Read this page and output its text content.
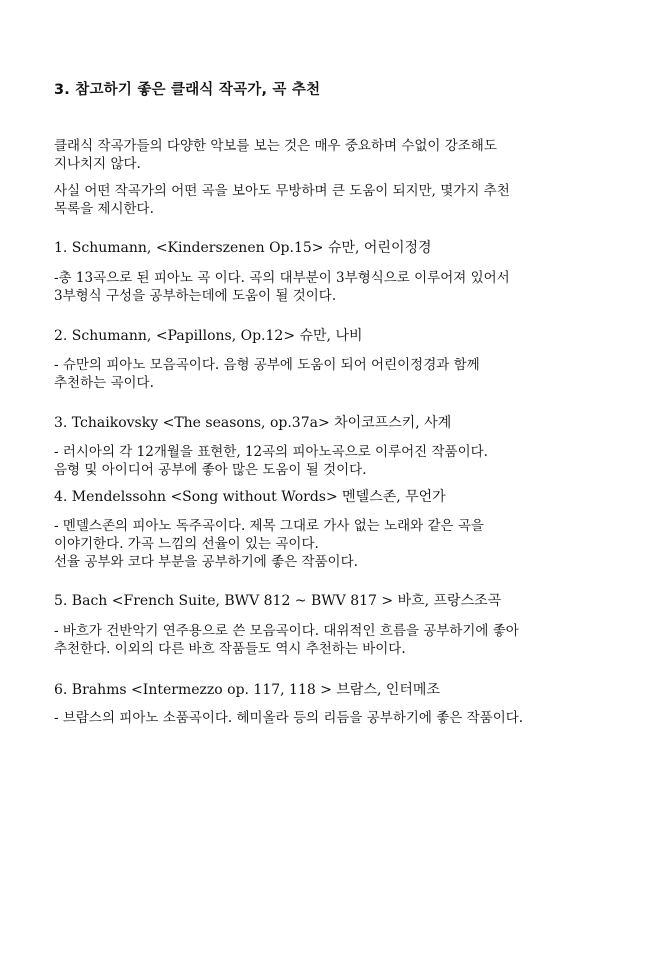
3. 참고하기 좋은 클래식 작곡가, 곡 추천
클래식 작곡가들의 다양한 악보를 보는 것은 매우 중요하며 수없이 강조해도
지나치지 않다.
사실 어떤 작곡가의 어떤 곡을 보아도 무방하며 큰 도움이 되지만, 몇가지 추천
목록을 제시한다.
1. Schumann, <Kinderszenen Op.15> 슈만, 어린이정경
-총 13곡으로 된 피아노 곡 이다. 곡의 대부분이 3부형식으로 이루어져 있어서
3부형식 구성을 공부하는데에 도움이 될 것이다.
2. Schumann, <Papillons, Op.12> 슈만, 나비
- 슈만의 피아노 모음곡이다. 음형 공부에 도움이 되어 어린이정경과 함께
추천하는 곡이다.
3. Tchaikovsky <The seasons, op.37a> 차이코프스키, 사계
- 러시아의 각 12개월을 표현한, 12곡의 피아노곡으로 이루어진 작품이다.
음형 및 아이디어 공부에 좋아 많은 도움이 될 것이다.
4. Mendelssohn <Song without Words> 멘델스존, 무언가
- 멘델스존의 피아노 독주곡이다. 제목 그대로 가사 없는 노래와 같은 곡을
이야기한다. 가곡 느낌의 선율이 있는 곡이다.
선율 공부와 코다 부분을 공부하기에 좋은 작품이다.
5. Bach <French Suite, BWV 812 ~ BWV 817 > 바흐, 프랑스조곡
- 바흐가 건반악기 연주용으로 쓴 모음곡이다. 대위적인 흐름을 공부하기에 좋아
추천한다. 이외의 다른 바흐 작품들도 역시 추천하는 바이다.
6. Brahms <Intermezzo op. 117, 118 > 브람스, 인터메조
- 브람스의 피아노 소품곡이다. 헤미올라 등의 리듬을 공부하기에 좋은 작품이다.
